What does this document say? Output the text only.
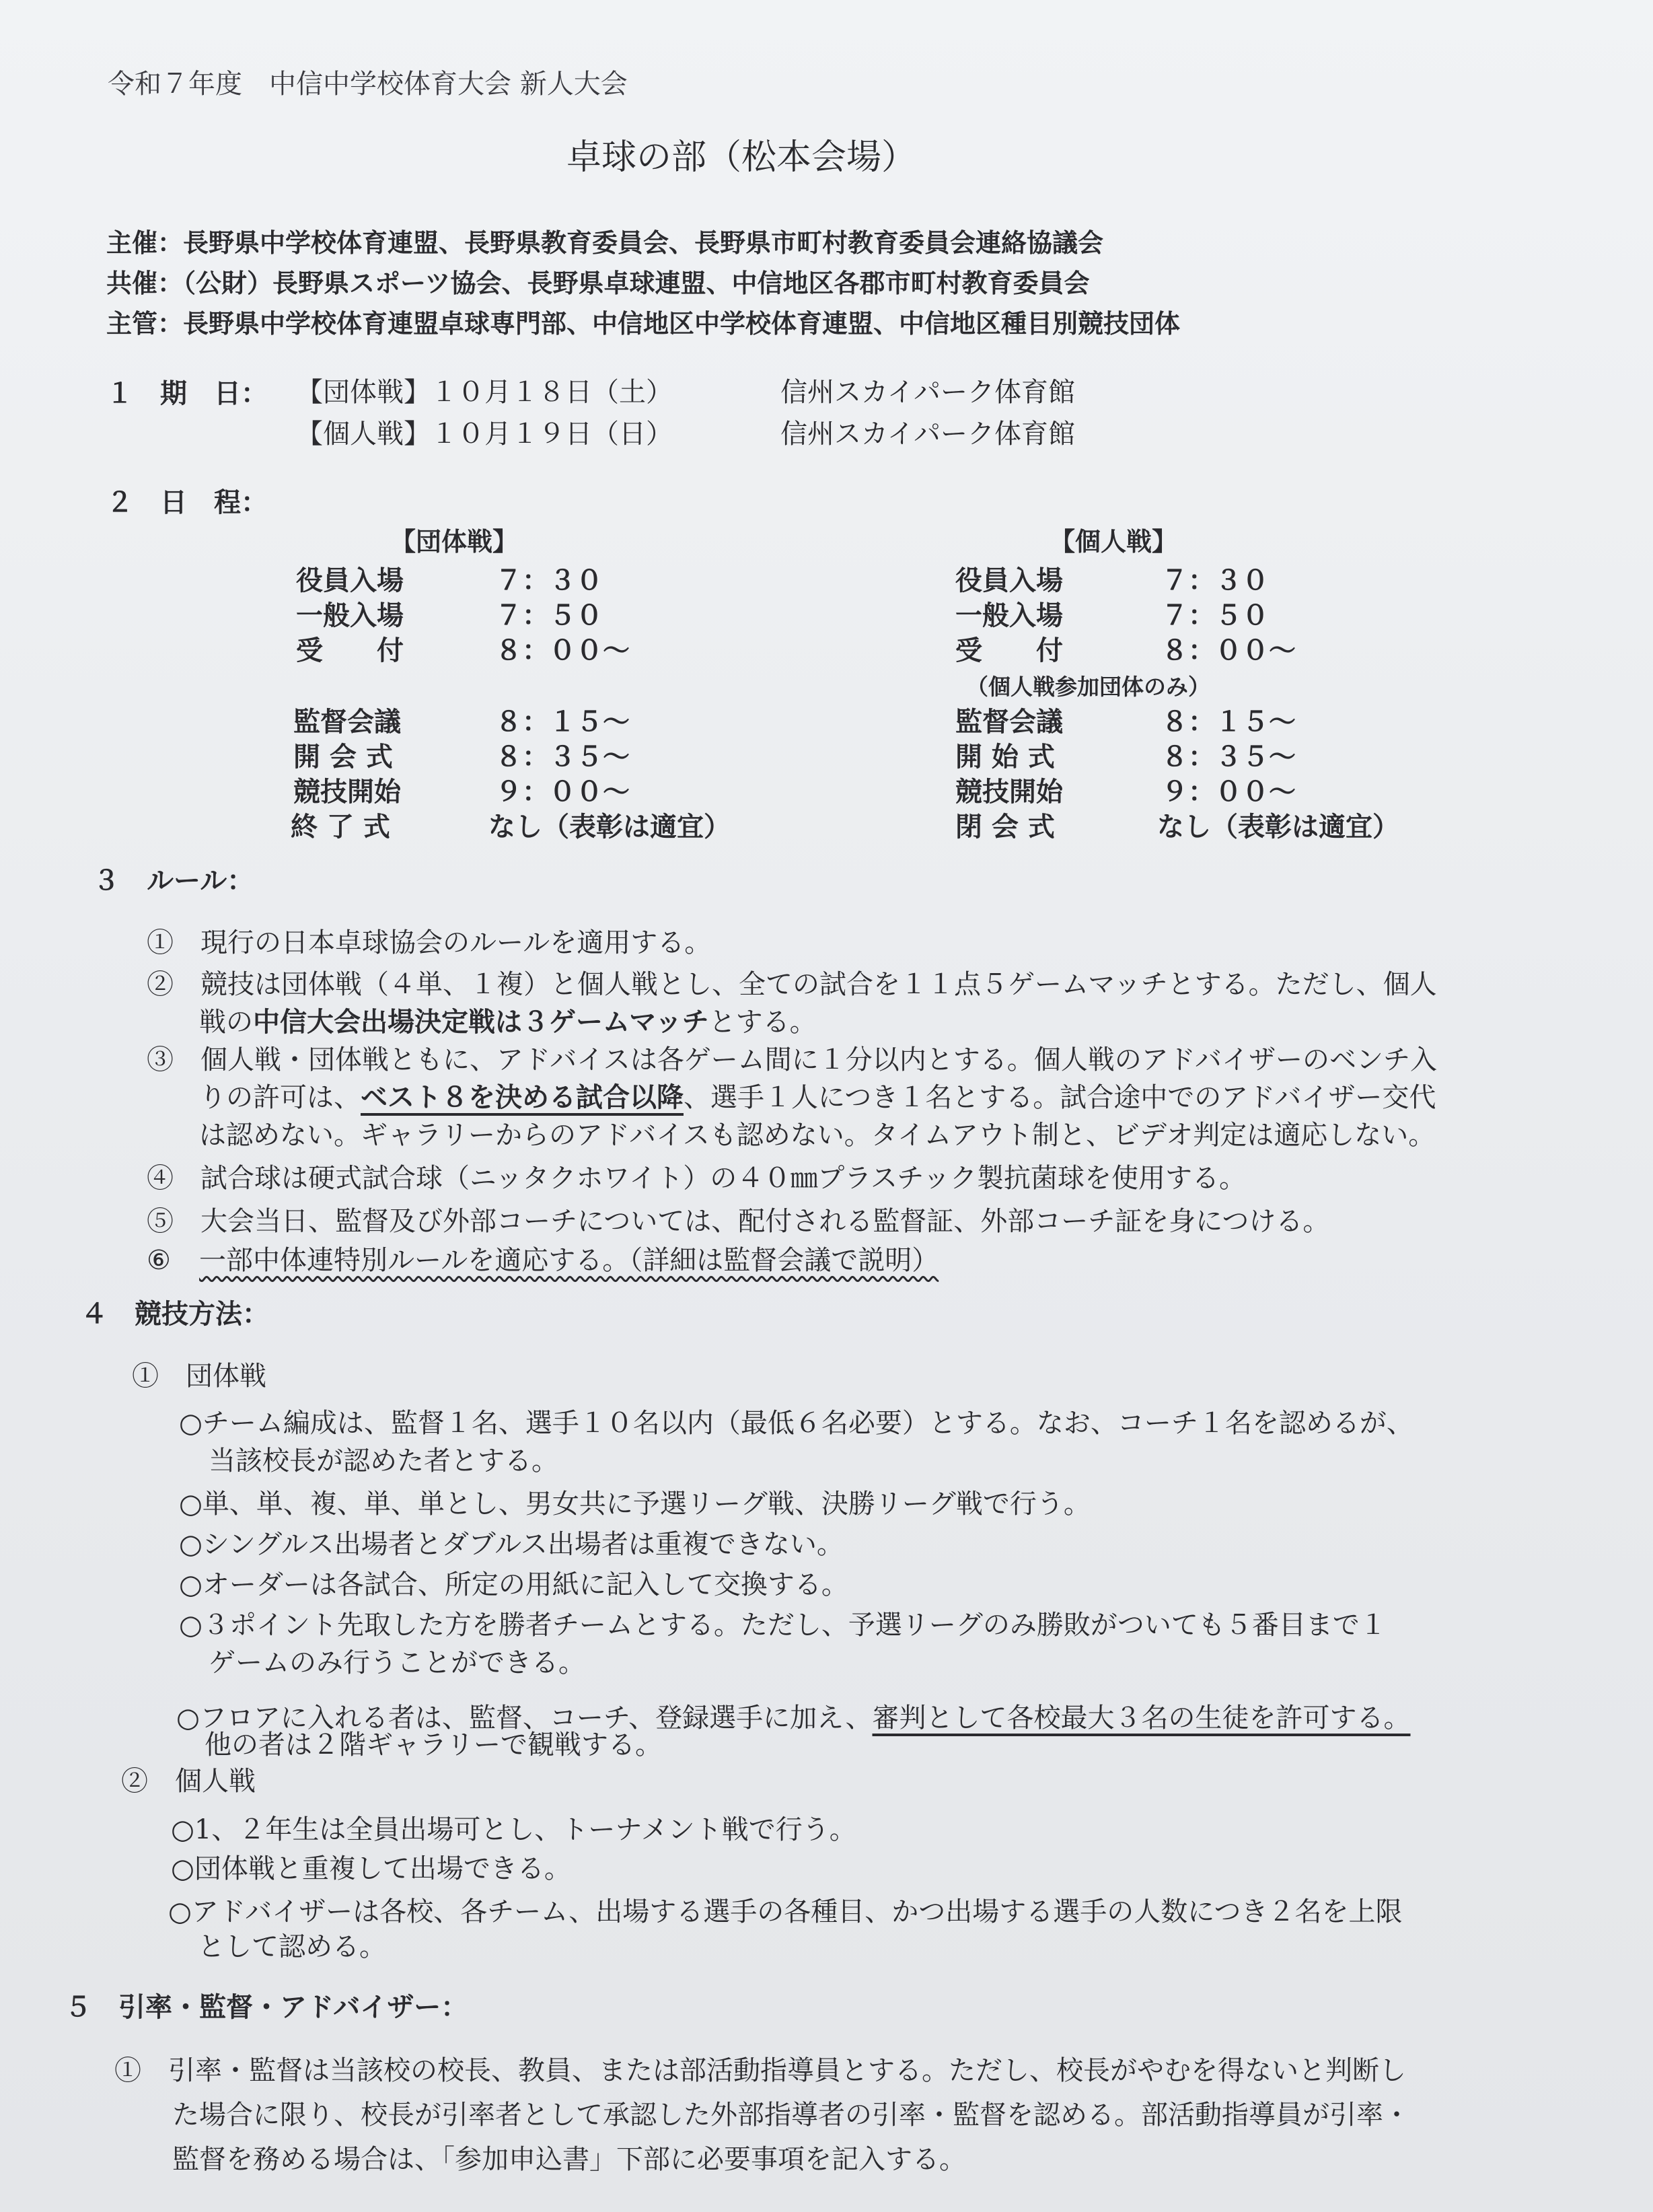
令和７年度　中信中学校体育大会 新人大会
卓球の部（松本会場）
主催：長野県中学校体育連盟、長野県教育委員会、長野県市町村教育委員会連絡協議会
共催：（公財）長野県スポーツ協会、長野県卓球連盟、中信地区各郡市町村教育委員会
主管：長野県中学校体育連盟卓球専門部、中信地区中学校体育連盟、中信地区種目別競技団体
１　期　日： 【団体戦】１０月１８日（土）	信州スカイパーク体育館
【個人戦】１０月１９日（日）	信州スカイパーク体育館
２　日　程：
【団体戦】	【個人戦】
役員入場	７：３０
一般入場	７：５０
受　　付	８：００～
監督会議	８：１５～
開 会 式	８：３５～
競技開始	９：００～
終 了 式	なし（表彰は適宜）
役員入場	７：３０
一般入場	７：５０
受　　付	８：００～
（個人戦参加団体のみ）
監督会議	８：１５～
開 始 式	８：３５～
競技開始	９：００～
閉 会 式	なし（表彰は適宜）
３　ルール：
①　現行の日本卓球協会のルールを適用する。
②　競技は団体戦（４単、１複）と個人戦とし、全ての試合を１１点５ゲームマッチとする。ただし、個人
戦の中信大会出場決定戦は３ゲームマッチとする。
③　個人戦・団体戦ともに、アドバイスは各ゲーム間に１分以内とする。個人戦のアドバイザーのベンチ入
りの許可は、ベスト８を決める試合以降、選手１人につき１名とする。試合途中でのアドバイザー交代
は認めない。ギャラリーからのアドバイスも認めない。タイムアウト制と、ビデオ判定は適応しない。
④　試合球は硬式試合球（ニッタクホワイト）の４０㎜プラスチック製抗菌球を使用する。
⑤　大会当日、監督及び外部コーチについては、配付される監督証、外部コーチ証を身につける。
⑥ 一部中体連特別ルールを適応する。（詳細は監督会議で説明）
４　競技方法：
①　団体戦
○チーム編成は、監督１名、選手１０名以内（最低６名必要）とする。なお、コーチ１名を認めるが、
当該校長が認めた者とする。
○単、単、複、単、単とし、男女共に予選リーグ戦、決勝リーグ戦で行う。
○シングルス出場者とダブルス出場者は重複できない。
○オーダーは各試合、所定の用紙に記入して交換する。
○３ポイント先取した方を勝者チームとする。ただし、予選リーグのみ勝敗がついても５番目まで１
ゲームのみ行うことができる。
○フロアに入れる者は、監督、コーチ、登録選手に加え、審判として各校最大３名の生徒を許可する。
他の者は２階ギャラリーで観戦する。
②　個人戦
○1、２年生は全員出場可とし、トーナメント戦で行う。
○団体戦と重複して出場できる。
○アドバイザーは各校、各チーム、出場する選手の各種目、かつ出場する選手の人数につき２名を上限
として認める。
５　引率・監督・アドバイザー：
①　引率・監督は当該校の校長、教員、または部活動指導員とする。ただし、校長がやむを得ないと判断し
た場合に限り、校長が引率者として承認した外部指導者の引率・監督を認める。部活動指導員が引率・
監督を務める場合は、「参加申込書」下部に必要事項を記入する。
